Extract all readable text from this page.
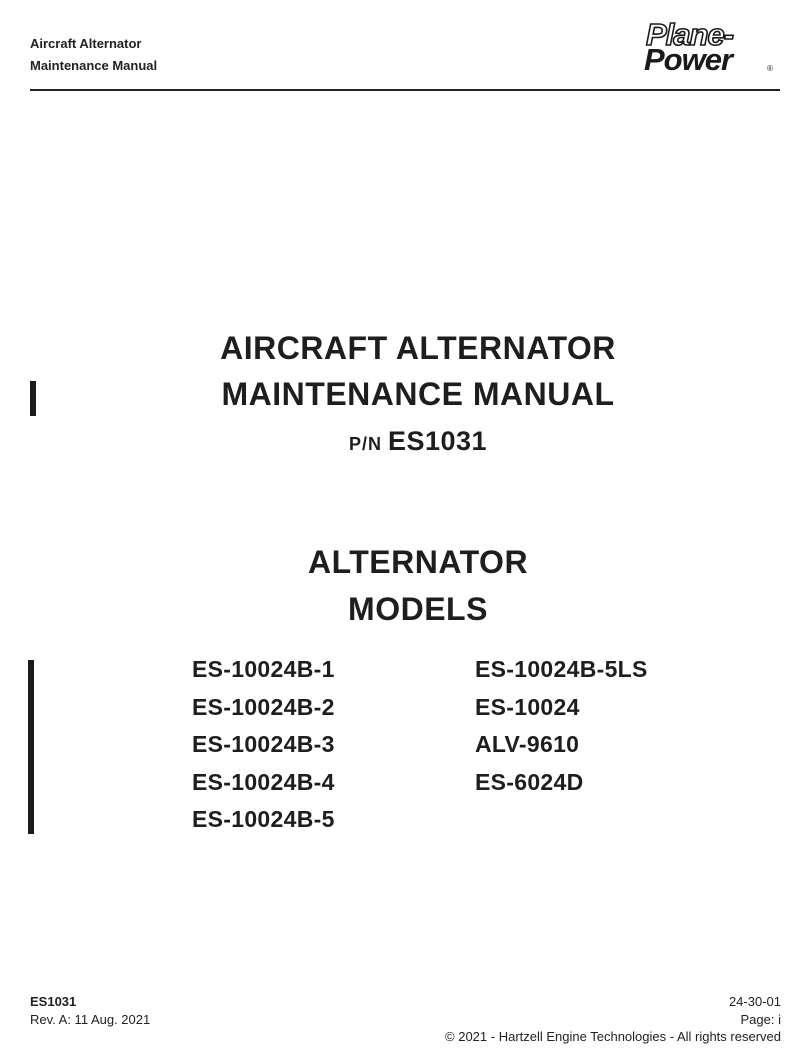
Aircraft Alternator
Maintenance Manual
Plane-
Power	®
AIRCRAFT ALTERNATOR
MAINTENANCE MANUAL
P/N ES1031
ALTERNATOR
MODELS
ES-10024B-1
ES-10024B-2
ES-10024B-3
ES-10024B-4
ES-10024B-5
ES-10024B-5LS
ES-10024
ALV-9610
ES-6024D
ES1031
Rev. A: 11 Aug. 2021
24-30-01
Page: i
© 2021 - Hartzell Engine Technologies - All rights reserved
